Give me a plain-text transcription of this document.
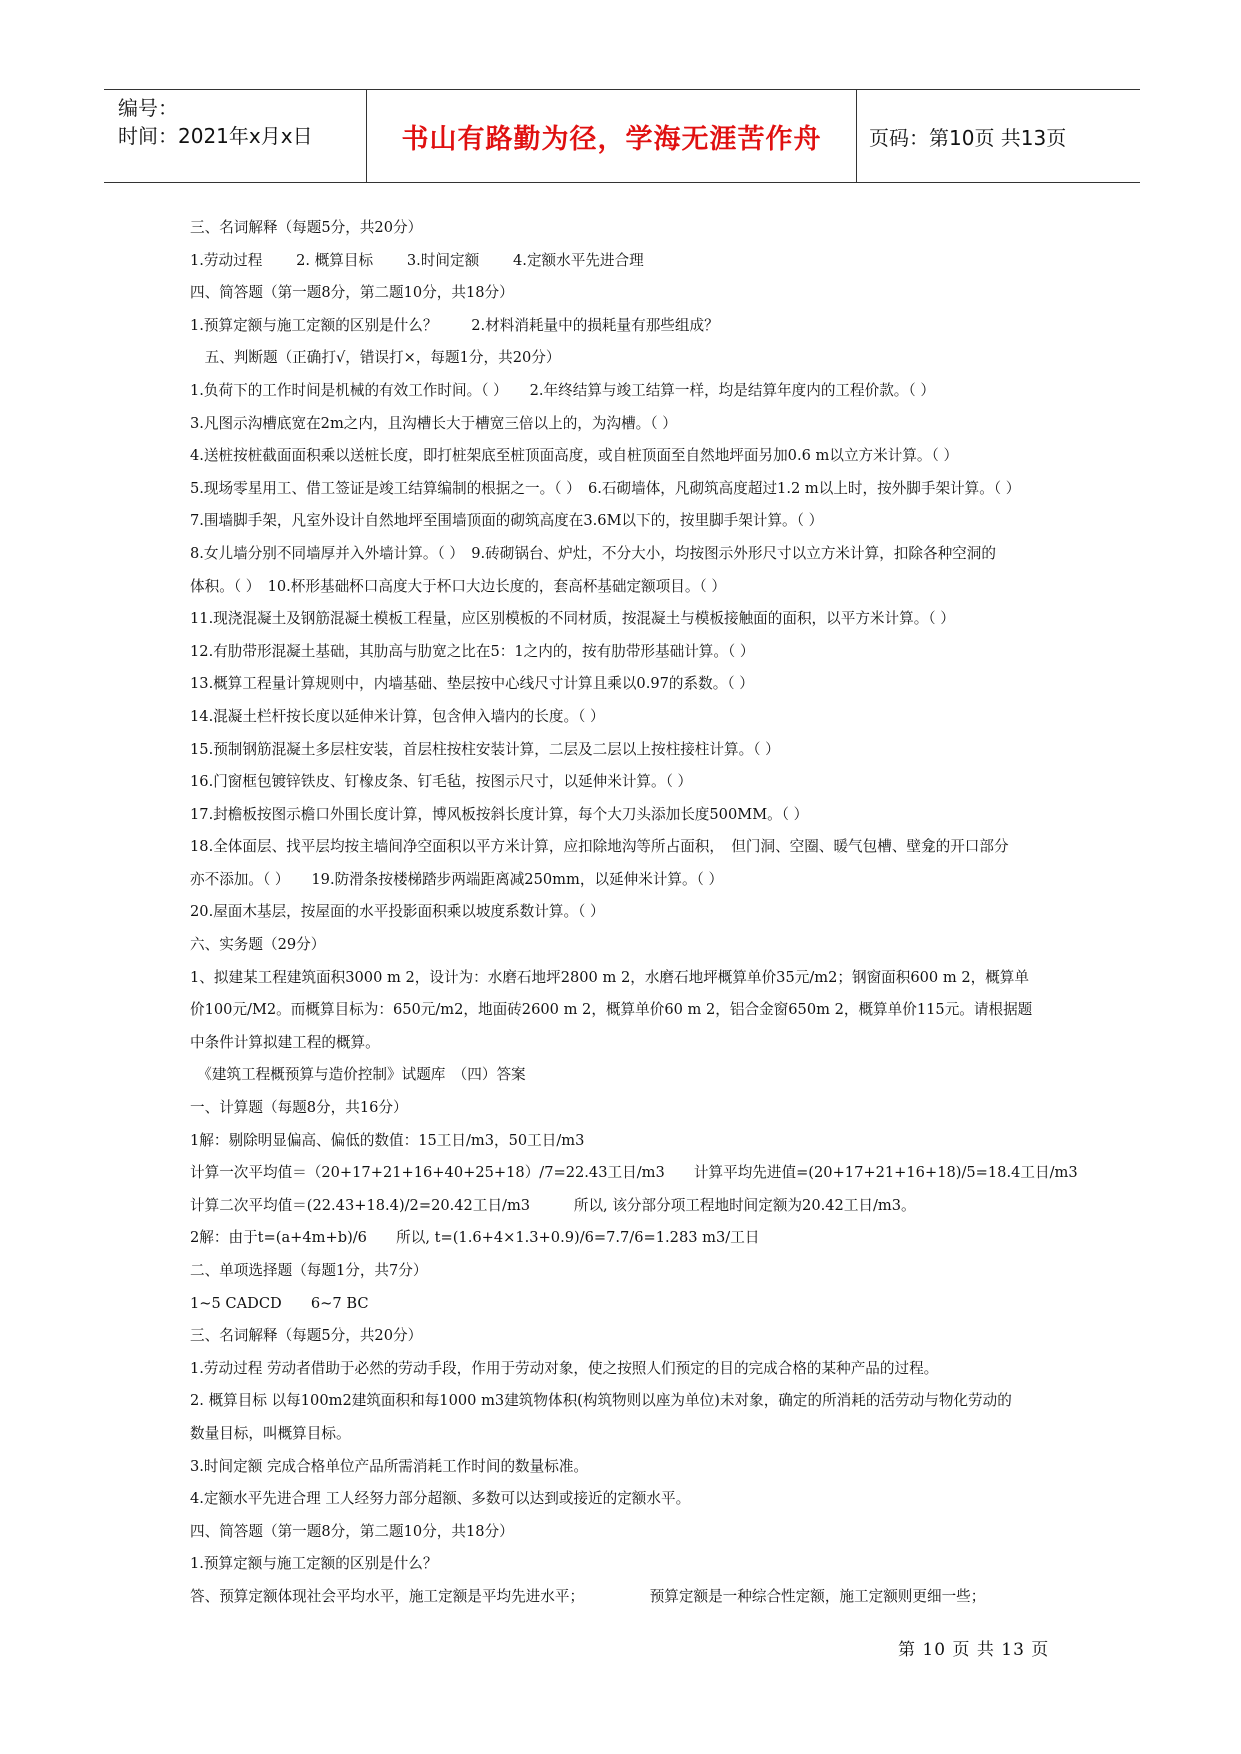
编号：
时间：2021年x月x日	书山有路勤为径，学海无涯苦作舟 页码：第10页 共13页
三、名词解释（每题5分，共20分）
1.劳动过程　　 2. 概算目标　　 3.时间定额　　 4.定额水平先进合理
四、简答题（第一题8分，第二题10分，共18分）
1.预算定额与施工定额的区别是什么？　　 2.材料消耗量中的损耗量有那些组成？
　五、判断题（正确打√，错误打×，每题1分，共20分）
1.负荷下的工作时间是机械的有效工作时间。（ ）　　2.年终结算与竣工结算一样，均是结算年度内的工程价款。（ ）
3.凡图示沟槽底宽在2m之内，且沟槽长大于槽宽三倍以上的，为沟槽。（ ）
4.送桩按桩截面面积乘以送桩长度，即打桩架底至桩顶面高度，或自桩顶面至自然地坪面另加0.6 m以立方米计算。（ ）
5.现场零星用工、借工签证是竣工结算编制的根据之一。（ ）　6.石砌墙体，凡砌筑高度超过1.2 m以上时，按外脚手架计算。（ ）
7.围墙脚手架，凡室外设计自然地坪至围墙顶面的砌筑高度在3.6M以下的，按里脚手架计算。（ ）
8.女儿墙分别不同墙厚并入外墙计算。（ ）　9.砖砌锅台、炉灶，不分大小，均按图示外形尺寸以立方米计算，扣除各种空洞的
体积。（ ）　10.杯形基础杯口高度大于杯口大边长度的，套高杯基础定额项目。（ ）
11.现浇混凝土及钢筋混凝土模板工程量，应区别模板的不同材质，按混凝土与模板接触面的面积，以平方米计算。（ ）
12.有肋带形混凝土基础，其肋高与肋宽之比在5：1之内的，按有肋带形基础计算。（ ）
13.概算工程量计算规则中，内墙基础、垫层按中心线尺寸计算且乘以0.97的系数。（ ）
14.混凝土栏杆按长度以延伸米计算，包含伸入墙内的长度。（ ）
15.预制钢筋混凝土多层柱安装，首层柱按柱安装计算，二层及二层以上按柱接柱计算。（ ）
16.门窗框包镀锌铁皮、钉橡皮条、钉毛毡，按图示尺寸，以延伸米计算。（ ）
17.封檐板按图示檐口外围长度计算，博风板按斜长度计算，每个大刀头添加长度500MM。（ ）
18.全体面层、找平层均按主墙间净空面积以平方米计算，应扣除地沟等所占面积，　但门洞、空圈、暖气包槽、壁龛的开口部分
亦不添加。（ ）　　19.防滑条按楼梯踏步两端距离减250mm，以延伸米计算。（ ）
20.屋面木基层，按屋面的水平投影面积乘以坡度系数计算。（ ）
六、实务题（29分）
1、拟建某工程建筑面积3000 m 2，设计为：水磨石地坪2800 m 2，水磨石地坪概算单价35元/m2；钢窗面积600 m 2，概算单
价100元/M2。而概算目标为：650元/m2，地面砖2600 m 2，概算单价60 m 2，铝合金窗650m 2，概算单价115元。请根据题
中条件计算拟建工程的概算。
　《建筑工程概预算与造价控制》试题库　（四）答案
一、计算题（每题8分，共16分）
1解：剔除明显偏高、偏低的数值：15工日/m3，50工日/m3
计算一次平均值＝（20+17+21+16+40+25+18）/7=22.43工日/m3　　计算平均先进值=(20+17+21+16+18)/5=18.4工日/m3
计算二次平均值＝(22.43+18.4)/2=20.42工日/m3　　　所以, 该分部分项工程地时间定额为20.42工日/m3。
2解：由于t=(a+4m+b)/6　　所以, t=(1.6+4×1.3+0.9)/6=7.7/6=1.283 m3/工日
二、单项选择题（每题1分，共7分）
1~5 CADCD　　6~7 BC
三、名词解释（每题5分，共20分）
1.劳动过程 劳动者借助于必然的劳动手段，作用于劳动对象，使之按照人们预定的目的完成合格的某种产品的过程。
2. 概算目标 以每100m2建筑面积和每1000 m3建筑物体积(构筑物则以座为单位)未对象，确定的所消耗的活劳动与物化劳动的
数量目标，叫概算目标。
3.时间定额 完成合格单位产品所需消耗工作时间的数量标准。
4.定额水平先进合理 工人经努力部分超额、多数可以达到或接近的定额水平。
四、简答题（第一题8分，第二题10分，共18分）
1.预算定额与施工定额的区别是什么？
答、预算定额体现社会平均水平，施工定额是平均先进水平；　　　　　预算定额是一种综合性定额，施工定额则更细一些；
第 10 页 共 13 页
